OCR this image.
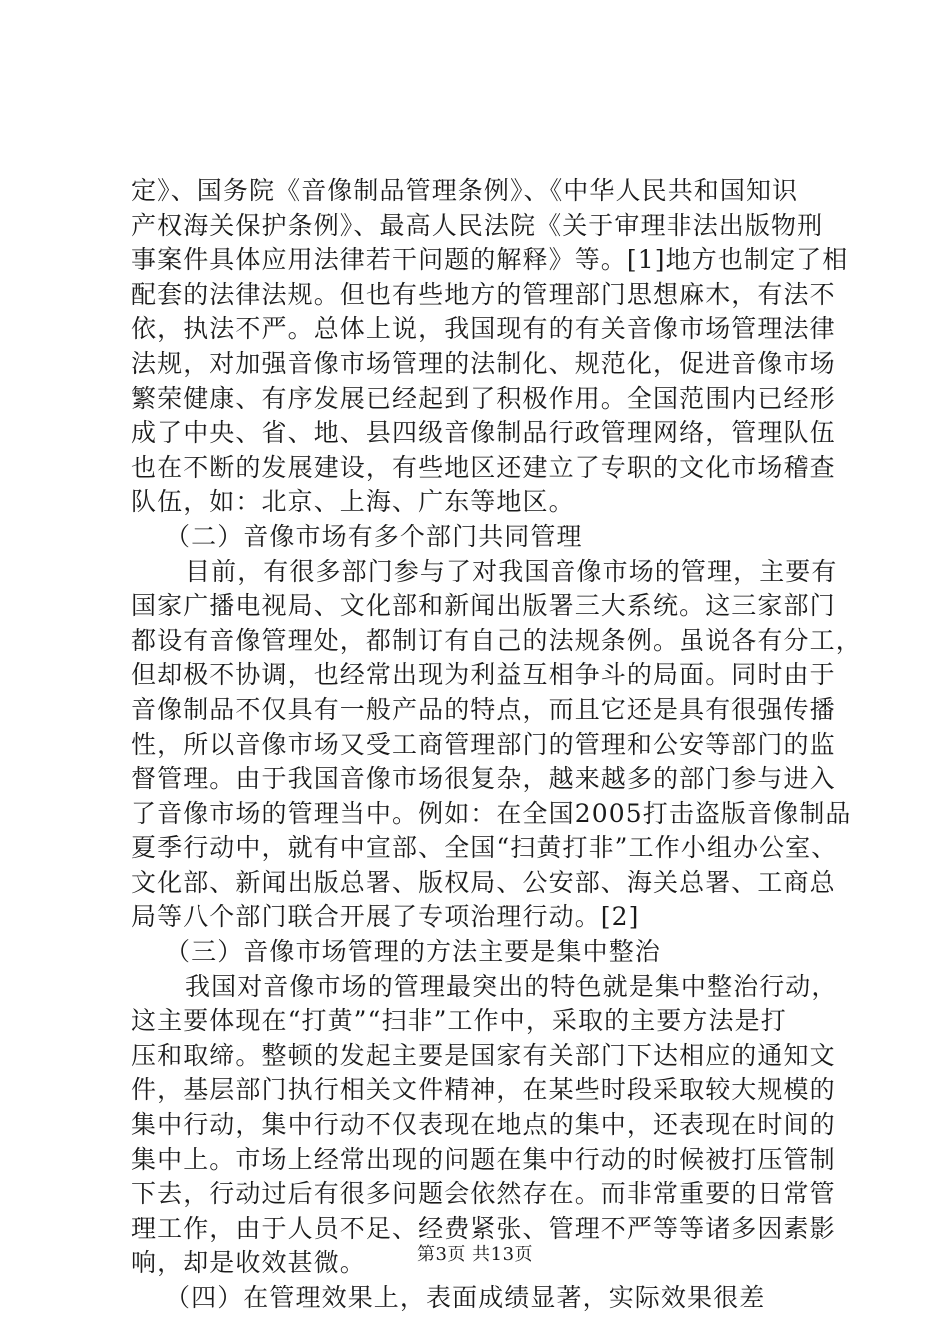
定》、国务院《音像制品管理条例》、《中华人民共和国知识
产权海关保护条例》、最高人民法院《关于审理非法出版物刑
事案件具体应用法律若干问题的解释》等。[1]地方也制定了相
配套的法律法规。但也有些地方的管理部门思想麻木，有法不
依，执法不严。总体上说，我国现有的有关音像市场管理法律
法规，对加强音像市场管理的法制化、规范化，促进音像市场
繁荣健康、有序发展已经起到了积极作用。全国范围内已经形
成了中央、省、地、县四级音像制品行政管理网络，管理队伍
也在不断的发展建设，有些地区还建立了专职的文化市场稽查
队伍，如：北京、上海、广东等地区。
（二）音像市场有多个部门共同管理
目前，有很多部门参与了对我国音像市场的管理，主要有
国家广播电视局、文化部和新闻出版署三大系统。这三家部门
都设有音像管理处，都制订有自己的法规条例。虽说各有分工，
但却极不协调，也经常出现为利益互相争斗的局面。同时由于
音像制品不仅具有一般产品的特点，而且它还是具有很强传播
性，所以音像市场又受工商管理部门的管理和公安等部门的监
督管理。由于我国音像市场很复杂，越来越多的部门参与进入
了音像市场的管理当中。例如：在全国2005打击盗版音像制品
夏季行动中，就有中宣部、全国“扫黄打非”工作小组办公室、
文化部、新闻出版总署、版权局、公安部、海关总署、工商总
局等八个部门联合开展了专项治理行动。[2]
（三）音像市场管理的方法主要是集中整治
我国对音像市场的管理最突出的特色就是集中整治行动，
这主要体现在“打黄”“扫非”工作中，采取的主要方法是打
压和取缔。整顿的发起主要是国家有关部门下达相应的通知文
件，基层部门执行相关文件精神，在某些时段采取较大规模的
集中行动，集中行动不仅表现在地点的集中，还表现在时间的
集中上。市场上经常出现的问题在集中行动的时候被打压管制
下去，行动过后有很多问题会依然存在。而非常重要的日常管
理工作，由于人员不足、经费紧张、管理不严等等诸多因素影
响，却是收效甚微。
（四）在管理效果上，表面成绩显著，实际效果很差
第3页 共13页
